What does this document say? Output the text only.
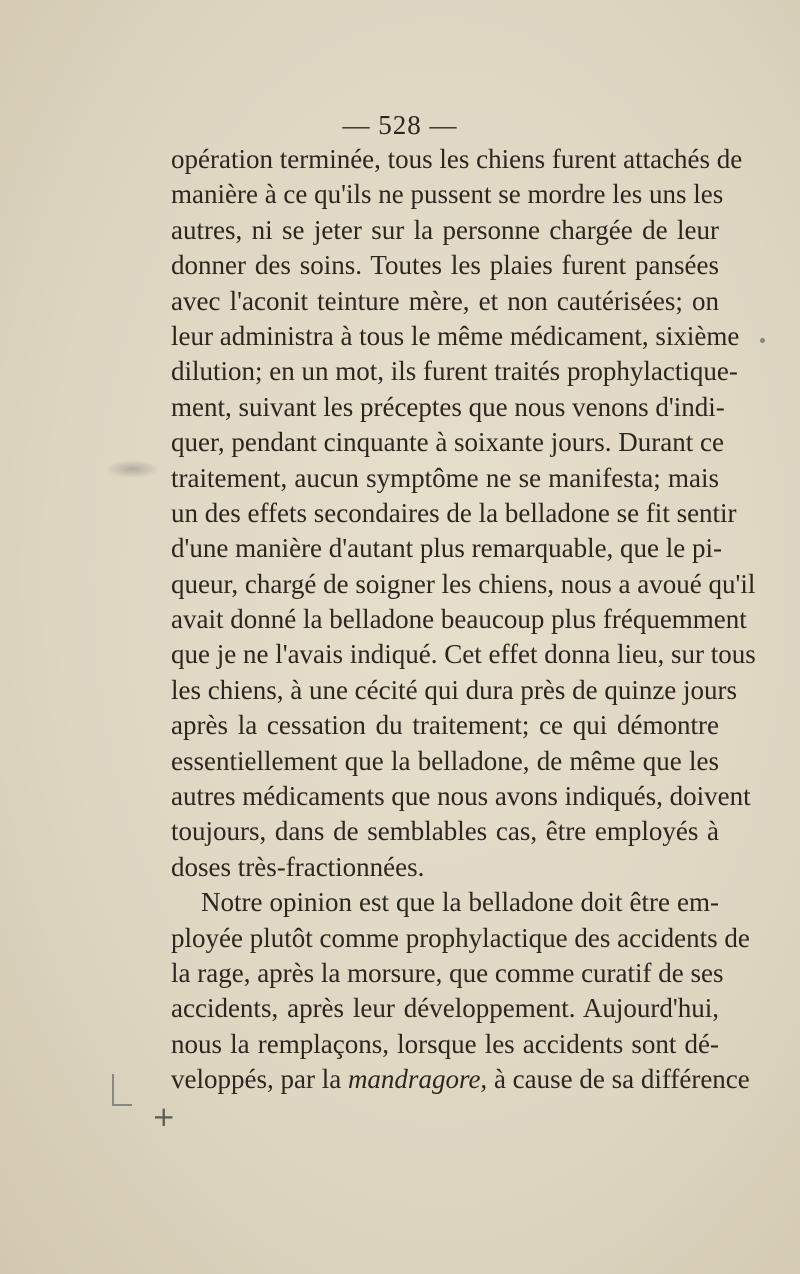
— 528 —
opération terminée, tous les chiens furent attachés de
manière à ce qu'ils ne pussent se mordre les uns les
autres, ni se jeter sur la personne chargée de leur
donner des soins. Toutes les plaies furent pansées
avec l'aconit teinture mère, et non cautérisées; on
leur administra à tous le même médicament, sixième
dilution; en un mot, ils furent traités prophylactique-
ment, suivant les préceptes que nous venons d'indi-
quer, pendant cinquante à soixante jours. Durant ce
traitement, aucun symptôme ne se manifesta; mais
un des effets secondaires de la belladone se fit sentir
d'une manière d'autant plus remarquable, que le pi-
queur, chargé de soigner les chiens, nous a avoué qu'il
avait donné la belladone beaucoup plus fréquemment
que je ne l'avais indiqué. Cet effet donna lieu, sur tous
les chiens, à une cécité qui dura près de quinze jours
après la cessation du traitement; ce qui démontre
essentiellement que la belladone, de même que les
autres médicaments que nous avons indiqués, doivent
toujours, dans de semblables cas, être employés à
doses très-fractionnées.
Notre opinion est que la belladone doit être em-
ployée plutôt comme prophylactique des accidents de
la rage, après la morsure, que comme curatif de ses
accidents, après leur développement. Aujourd'hui,
nous la remplaçons, lorsque les accidents sont dé-
veloppés, par la mandragore, à cause de sa différence
+
